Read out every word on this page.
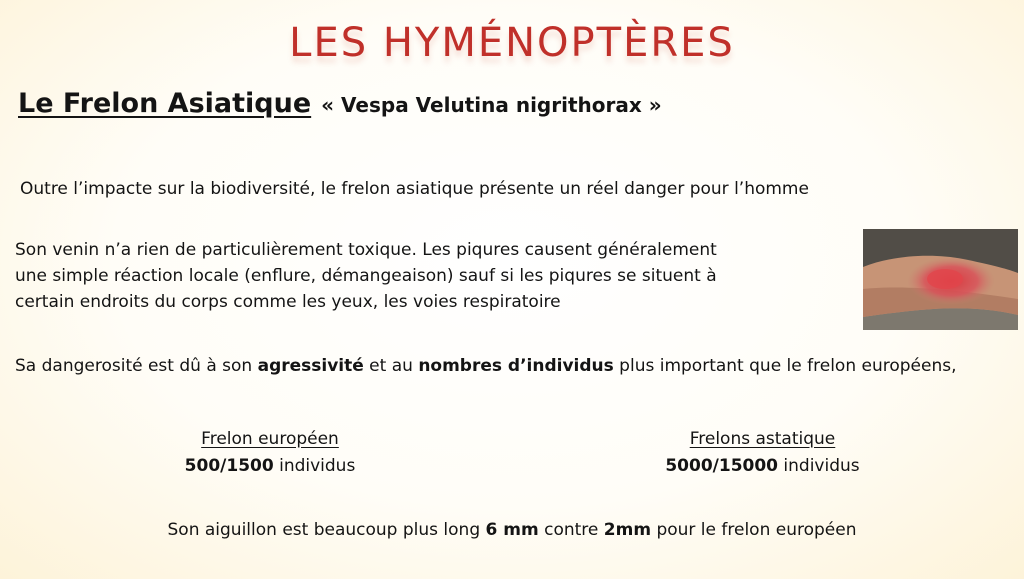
LES HYMÉNOPTÈRES
Le Frelon Asiatique « Vespa Velutina nigrithorax »
Outre l’impacte sur la biodiversité, le frelon asiatique présente un réel danger pour l’homme
Son venin n’a rien de particulièrement toxique. Les piqures causent généralement
une simple réaction locale (enflure, démangeaison) sauf si les piqures se situent à
certain endroits du corps comme les yeux, les voies respiratoire
Sa dangerosité est dû à son agressivité et au nombres d’individus plus important que le frelon européens,
Frelon européen
500/1500 individus
Frelons astatique
5000/15000 individus
Son aiguillon est beaucoup plus long 6 mm contre 2mm pour le frelon européen
